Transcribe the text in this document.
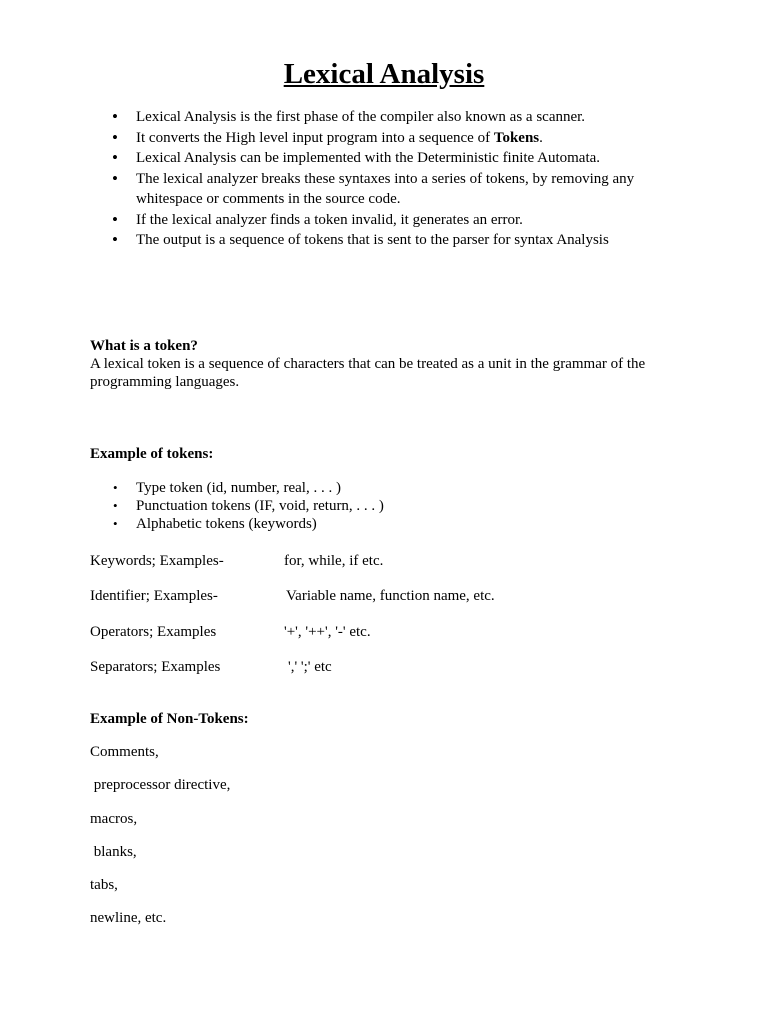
Lexical Analysis
• Lexical Analysis is the first phase of the compiler also known as a scanner.
• It converts the High level input program into a sequence of Tokens.
• Lexical Analysis can be implemented with the Deterministic finite Automata.
• The lexical analyzer breaks these syntaxes into a series of tokens, by removing any whitespace or comments in the source code.
• If the lexical analyzer finds a token invalid, it generates an error.
• The output is a sequence of tokens that is sent to the parser for syntax Analysis
What is a token?
A lexical token is a sequence of characters that can be treated as a unit in the grammar of the programming languages.
Example of tokens:
• Type token (id, number, real, . . . )
• Punctuation tokens (IF, void, return, . . . )
• Alphabetic tokens (keywords)
Keywords; Examples-	for, while, if etc.
Identifier; Examples-	Variable name, function name, etc.
Operators; Examples	'+', '++', '-' etc.
Separators; Examples	',' ';' etc
Example of Non-Tokens:
Comments,
preprocessor directive,
macros,
blanks,
tabs,
newline, etc.
